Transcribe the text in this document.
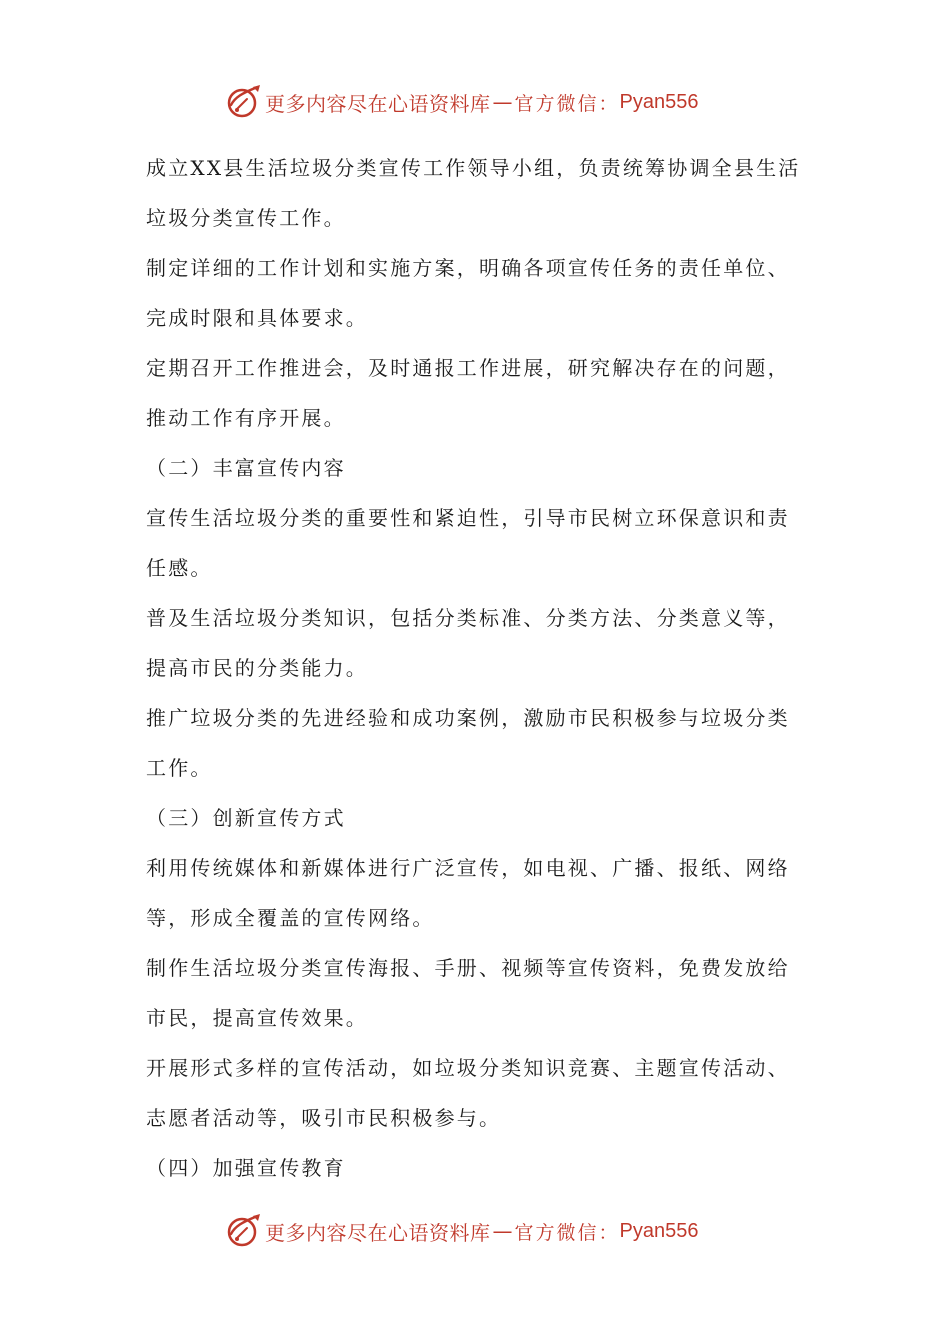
更多内容尽在心语资料库 — 官方微信： Pyan556
成立XX县生活垃圾分类宣传工作领导小组，负责统筹协调全县生活
垃圾分类宣传工作。
制定详细的工作计划和实施方案，明确各项宣传任务的责任单位、
完成时限和具体要求。
定期召开工作推进会，及时通报工作进展，研究解决存在的问题，
推动工作有序开展。
（二）丰富宣传内容
宣传生活垃圾分类的重要性和紧迫性，引导市民树立环保意识和责
任感。
普及生活垃圾分类知识，包括分类标准、分类方法、分类意义等，
提高市民的分类能力。
推广垃圾分类的先进经验和成功案例，激励市民积极参与垃圾分类
工作。
（三）创新宣传方式
利用传统媒体和新媒体进行广泛宣传，如电视、广播、报纸、网络
等，形成全覆盖的宣传网络。
制作生活垃圾分类宣传海报、手册、视频等宣传资料，免费发放给
市民，提高宣传效果。
开展形式多样的宣传活动，如垃圾分类知识竞赛、主题宣传活动、
志愿者活动等，吸引市民积极参与。
（四）加强宣传教育
更多内容尽在心语资料库 — 官方微信： Pyan556
